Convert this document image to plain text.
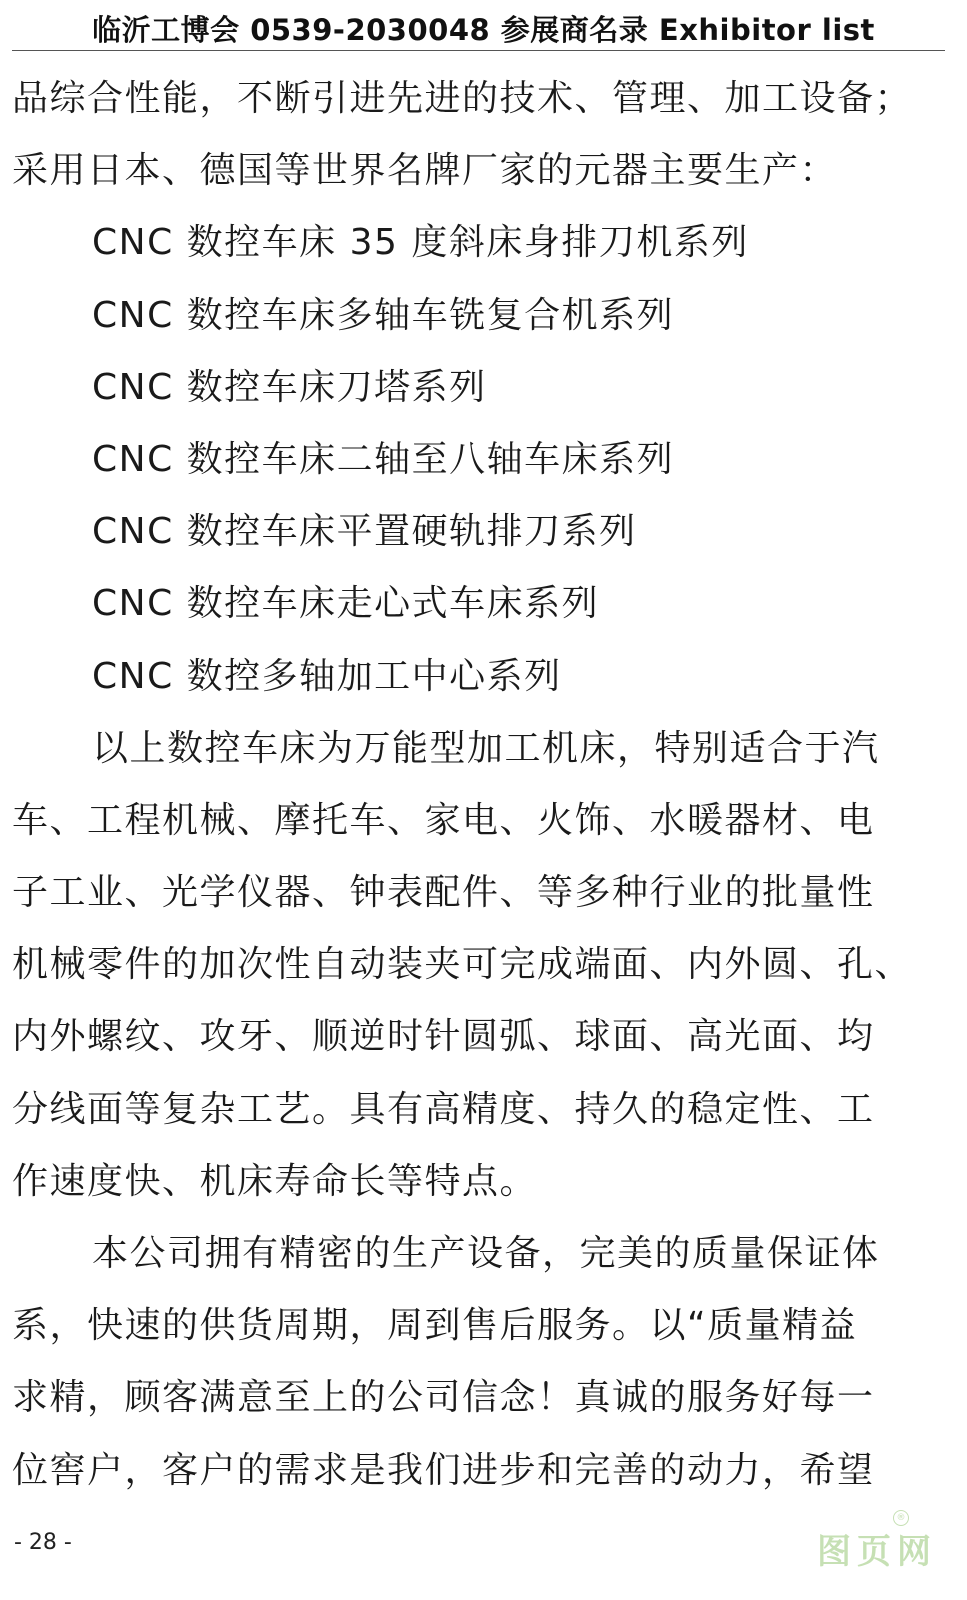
临沂工博会 0539-2030048 参展商名录 Exhibitor list
品综合性能，不断引进先进的技术、管理、加工设备；
采用日本、德国等世界名牌厂家的元器主要生产：
CNC 数控车床 35 度斜床身排刀机系列
CNC 数控车床多轴车铣复合机系列
CNC 数控车床刀塔系列
CNC 数控车床二轴至八轴车床系列
CNC 数控车床平置硬轨排刀系列
CNC 数控车床走心式车床系列
CNC 数控多轴加工中心系列
以上数控车床为万能型加工机床，特别适合于汽
车、工程机械、摩托车、家电、火饰、水暖器材、电
子工业、光学仪器、钟表配件、等多种行业的批量性
机械零件的加次性自动装夹可完成端面、内外圆、孔、
内外螺纹、攻牙、顺逆时针圆弧、球面、高光面、均
分线面等复杂工艺。具有高精度、持久的稳定性、工
作速度快、机床寿命长等特点。
本公司拥有精密的生产设备，完美的质量保证体
系，快速的供货周期，周到售后服务。以“质量精益
求精，顾客满意至上的公司信念！真诚的服务好每一
位窖户，客户的需求是我们进步和完善的动力，希望
- 28 -
®
图页网
